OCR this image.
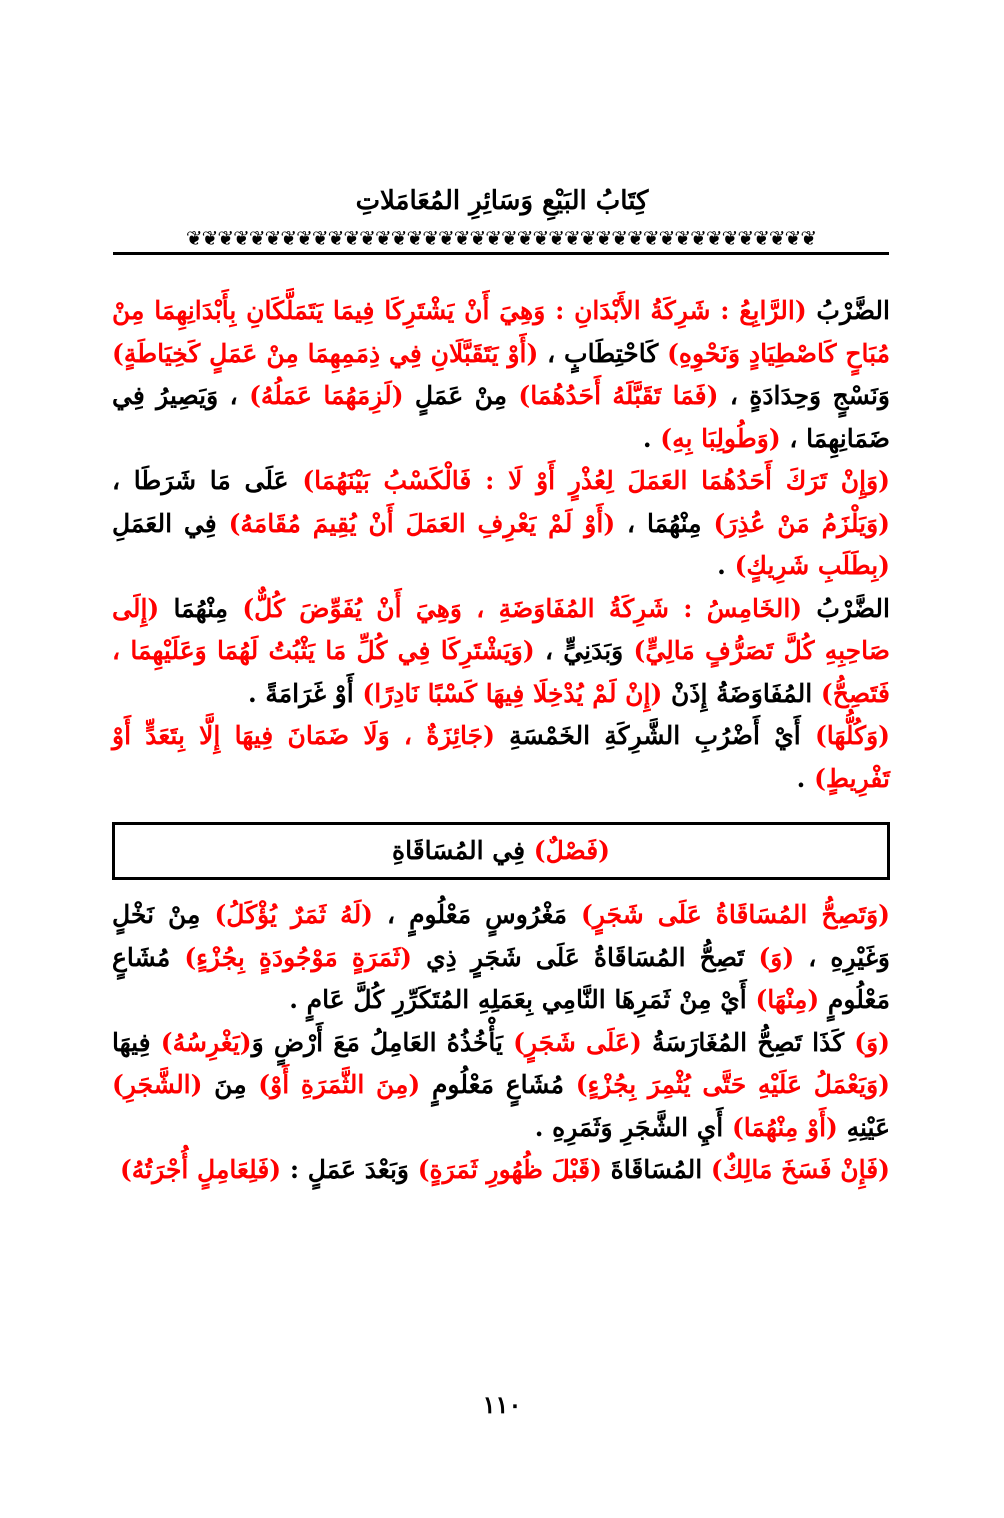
كِتَابُ البَيْعِ وَسَائِرِ المُعَامَلاتِ
❦❦❦❦❦❦❦❦❦❦❦❦❦❦❦❦❦❦❦❦❦❦❦❦❦❦❦❦❦❦❦❦❦❦❦❦❦❦❦❦

الضَّرْبُ (الرَّابِعُ : شَرِكَةُ الأَبْدَانِ : وَهِيَ أَنْ يَشْتَرِكَا فِيمَا يَتَمَلَّكَانِ بِأَبْدَانِهِمَا مِنْ مُبَاحٍ كَاصْطِيَادٍ وَنَحْوِهِ) كَاحْتِطَابٍ ، (أَوْ يَتَقَبَّلَانِ فِي ذِمَمِهِمَا مِنْ عَمَلٍ كَخِيَاطَةٍ) وَنَسْجٍ وَحِدَادَةٍ ، (فَمَا تَقَبَّلَهُ أَحَدُهُمَا) مِنْ عَمَلٍ (لَزِمَهُمَا عَمَلُهُ) ، وَيَصِيرُ فِي ضَمَانِهِمَا ، (وَطُولِبَا بِهِ) .

(وَإِنْ تَرَكَ أَحَدُهُمَا العَمَلَ لِعُذْرٍ أَوْ لَا : فَالْكَسْبُ بَيْنَهُمَا) عَلَى مَا شَرَطَا ، (وَيَلْزَمُ مَنْ عُذِرَ) مِنْهُمَا ، (أَوْ لَمْ يَعْرِفِ العَمَلَ أَنْ يُقِيمَ مُقَامَهُ) فِي العَمَلِ (بِطَلَبِ شَرِيكٍ) .

الضَّرْبُ (الخَامِسُ : شَرِكَةُ المُفَاوَضَةِ ، وَهِيَ أَنْ يُفَوِّضَ كُلٌّ) مِنْهُمَا (إِلَى صَاحِبِهِ كُلَّ تَصَرُّفٍ مَالِيٍّ) وَبَدَنِيٍّ ، (وَيَشْتَرِكَا فِي كُلِّ مَا يَثْبُتُ لَهُمَا وَعَلَيْهِمَا ، فَتَصِحُّ) المُفَاوَضَةُ إِذَنْ (إِنْ لَمْ يُدْخِلَا فِيهَا كَسْبًا نَادِرًا) أَوْ غَرَامَةً .

(وَكُلُّهَا) أَيْ أَضْرُبِ الشَّرِكَةِ الخَمْسَةِ (جَائِزَةٌ ، وَلَا ضَمَانَ فِيهَا إِلَّا بِتَعَدٍّ أَوْ تَفْرِيطٍ) .

(فَصْلٌ) فِي المُسَاقَاةِ

(وَتَصِحُّ المُسَاقَاةُ عَلَى شَجَرٍ) مَغْرُوسٍ مَعْلُومٍ ، (لَهُ ثَمَرٌ يُؤْكَلُ) مِنْ نَخْلٍ وَغَيْرِهِ ، (وَ) تَصِحُّ المُسَاقَاةُ عَلَى شَجَرٍ ذِي (ثَمَرَةٍ مَوْجُودَةٍ بِجُزْءٍ) مُشَاعٍ مَعْلُومٍ (مِنْهَا) أَيْ مِنْ ثَمَرِهَا النَّامِي بِعَمَلِهِ المُتَكَرِّرِ كُلَّ عَامٍ .

(وَ) كَذَا تَصِحُّ المُغَارَسَةُ (عَلَى شَجَرٍ) يَأْخُذُهُ العَامِلُ مَعَ أَرْضٍ وَ(يَغْرِسُهُ) فِيهَا (وَيَعْمَلُ عَلَيْهِ حَتَّى يُثْمِرَ بِجُزْءٍ) مُشَاعٍ مَعْلُومٍ (مِنَ الثَّمَرَةِ أَوْ) مِنَ (الشَّجَرِ) عَيْنِهِ (أَوْ مِنْهُمَا) أَيِ الشَّجَرِ وَثَمَرِهِ .

(فَإِنْ فَسَخَ مَالِكٌ) المُسَاقَاةَ (قَبْلَ ظُهُورِ ثَمَرَةٍ) وَبَعْدَ عَمَلٍ : (فَلِعَامِلٍ أُجْرَتُهُ)

١١٠
